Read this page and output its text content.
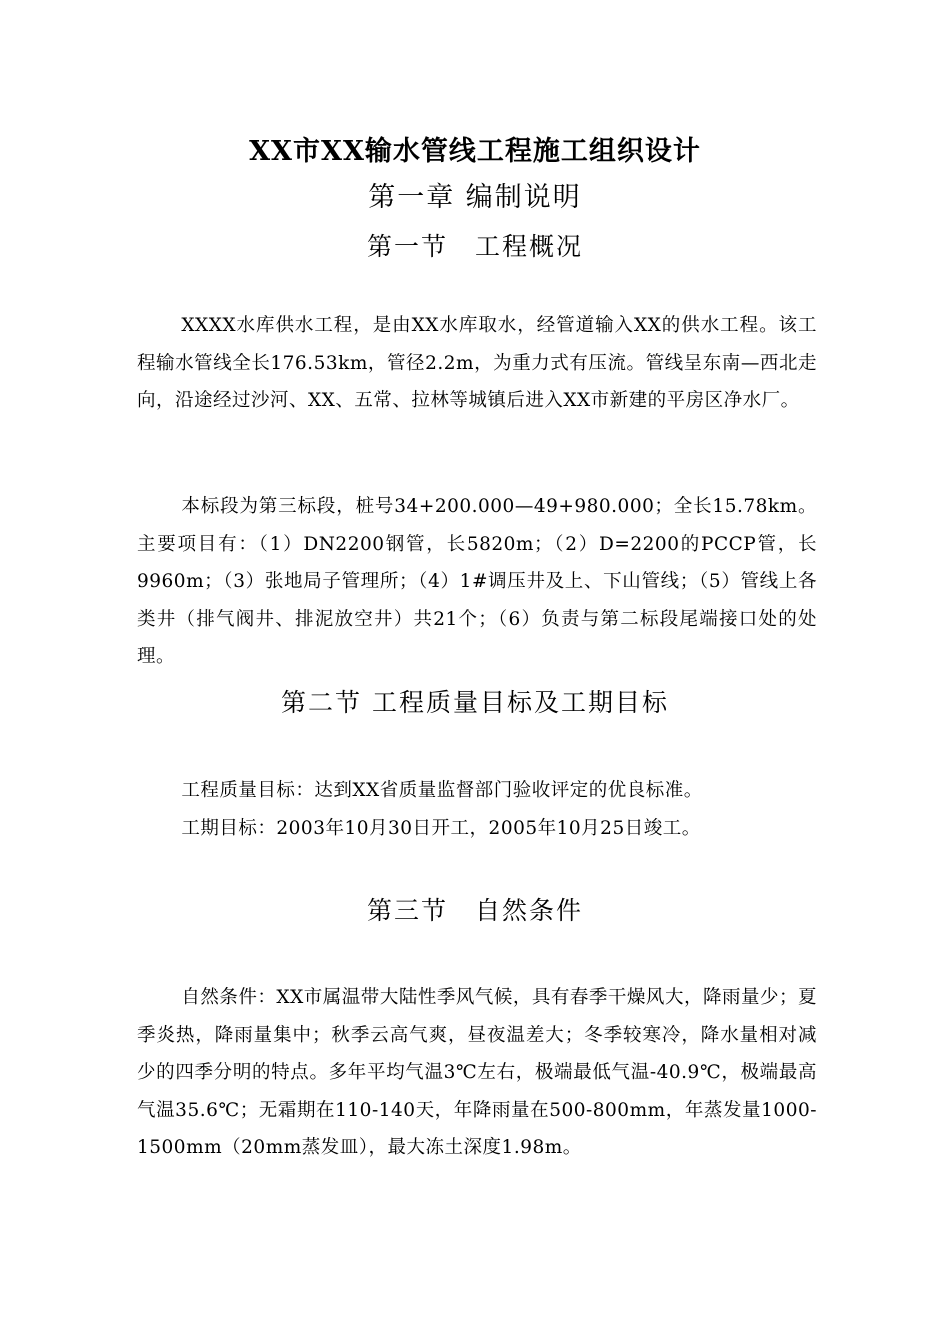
XX市XX输水管线工程施工组织设计
第一章 编制说明
第一节　工程概况

XXXX水库供水工程，是由XX水库取水，经管道输入XX的供水工程。该工程输水管线全长176.53km，管径2.2m，为重力式有压流。管线呈东南—西北走向，沿途经过沙河、XX、五常、拉林等城镇后进入XX市新建的平房区净水厂。

本标段为第三标段，桩号34+200.000—49+980.000；全长15.78km。主要项目有：（1）DN2200钢管，长5820m；（2）D=2200的PCCP管，长9960m；（3）张地局子管理所；（4）1#调压井及上、下山管线；（5）管线上各类井（排气阀井、排泥放空井）共21个；（6）负责与第二标段尾端接口处的处理。

第二节 工程质量目标及工期目标

工程质量目标：达到XX省质量监督部门验收评定的优良标准。

工期目标：2003年10月30日开工，2005年10月25日竣工。

第三节　自然条件

自然条件：XX市属温带大陆性季风气候，具有春季干燥风大，降雨量少；夏季炎热，降雨量集中；秋季云高气爽，昼夜温差大；冬季较寒冷，降水量相对减少的四季分明的特点。多年平均气温3℃左右，极端最低气温-40.9℃，极端最高气温35.6℃；无霜期在110-140天，年降雨量在500-800mm，年蒸发量1000-1500mm（20mm蒸发皿），最大冻土深度1.98m。
